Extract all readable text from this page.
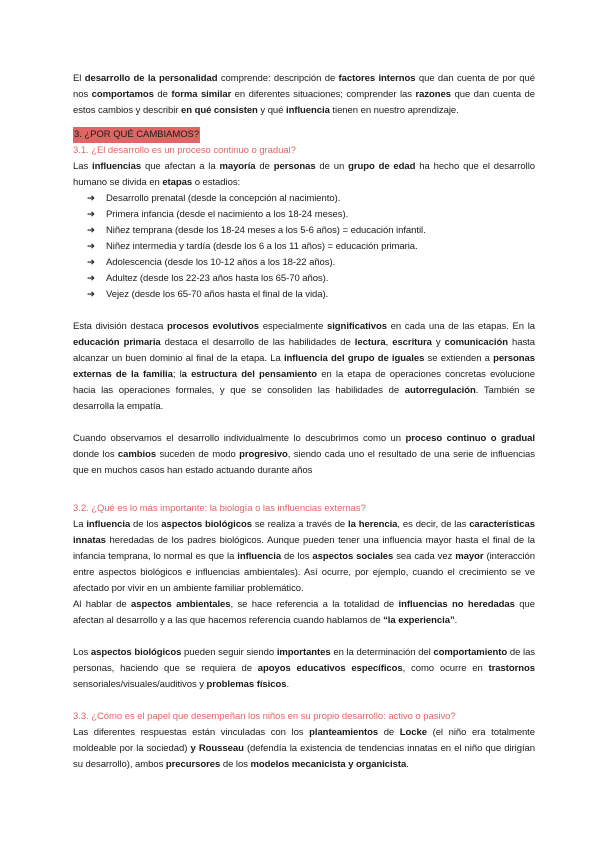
El desarrollo de la personalidad comprende: descripción de factores internos que dan cuenta de por qué nos comportamos de forma similar en diferentes situaciones; comprender las razones que dan cuenta de estos cambios y describir en qué consisten y qué influencia tienen en nuestro aprendizaje.

3. ¿POR QUÉ CAMBIAMOS?

3.1. ¿El desarrollo es un proceso continuo o gradual?

Las influencias que afectan a la mayoría de personas de un grupo de edad ha hecho que el desarrollo humano se divida en etapas o estadios:

➔ Desarrollo prenatal (desde la concepción al nacimiento).
➔ Primera infancia (desde el nacimiento a los 18-24 meses).
➔ Niñez temprana (desde los 18-24 meses a los 5-6 años) = educación infantil.
➔ Niñez intermedia y tardía (desde los 6 a los 11 años) = educación primaria.
➔ Adolescencia (desde los 10-12 años a los 18-22 años).
➔ Adultez (desde los 22-23 años hasta los 65-70 años).
➔ Vejez (desde los 65-70 años hasta el final de la vida).

Esta división destaca procesos evolutivos especialmente significativos en cada una de las etapas. En la educación primaria destaca el desarrollo de las habilidades de lectura, escritura y comunicación hasta alcanzar un buen dominio al final de la etapa. La influencia del grupo de iguales se extienden a personas externas de la familia; la estructura del pensamiento en la etapa de operaciones concretas evolucione hacia las operaciones formales, y que se consoliden las habilidades de autorregulación. También se desarrolla la empatía.

Cuando observamos el desarrollo individualmente lo descubrimos como un proceso continuo o gradual donde los cambios suceden de modo progresivo, siendo cada uno el resultado de una serie de influencias que en muchos casos han estado actuando durante años

3.2. ¿Qué es lo más importante: la biología o las influencias externas?

La influencia de los aspectos biológicos se realiza a través de la herencia, es decir, de las características innatas heredadas de los padres biológicos. Aunque pueden tener una influencia mayor hasta el final de la infancia temprana, lo normal es que la influencia de los aspectos sociales sea cada vez mayor (interacción entre aspectos biológicos e influencias ambientales). Así ocurre, por ejemplo, cuando el crecimiento se ve afectado por vivir en un ambiente familiar problemático.

Al hablar de aspectos ambientales, se hace referencia a la totalidad de influencias no heredadas que afectan al desarrollo y a las que hacemos referencia cuando hablamos de “la experiencia”.

Los aspectos biológicos pueden seguir siendo importantes en la determinación del comportamiento de las personas, haciendo que se requiera de apoyos educativos específicos, como ocurre en trastornos sensoriales/visuales/auditivos y problemas físicos.

3.3. ¿Cómo es el papel que desempeñan los niños en su propio desarrollo: activo o pasivo?

Las diferentes respuestas están vinculadas con los planteamientos de Locke (el niño era totalmente moldeable por la sociedad) y Rousseau (defendía la existencia de tendencias innatas en el niño que dirigían su desarrollo), ambos precursores de los modelos mecanicista y organicista.
